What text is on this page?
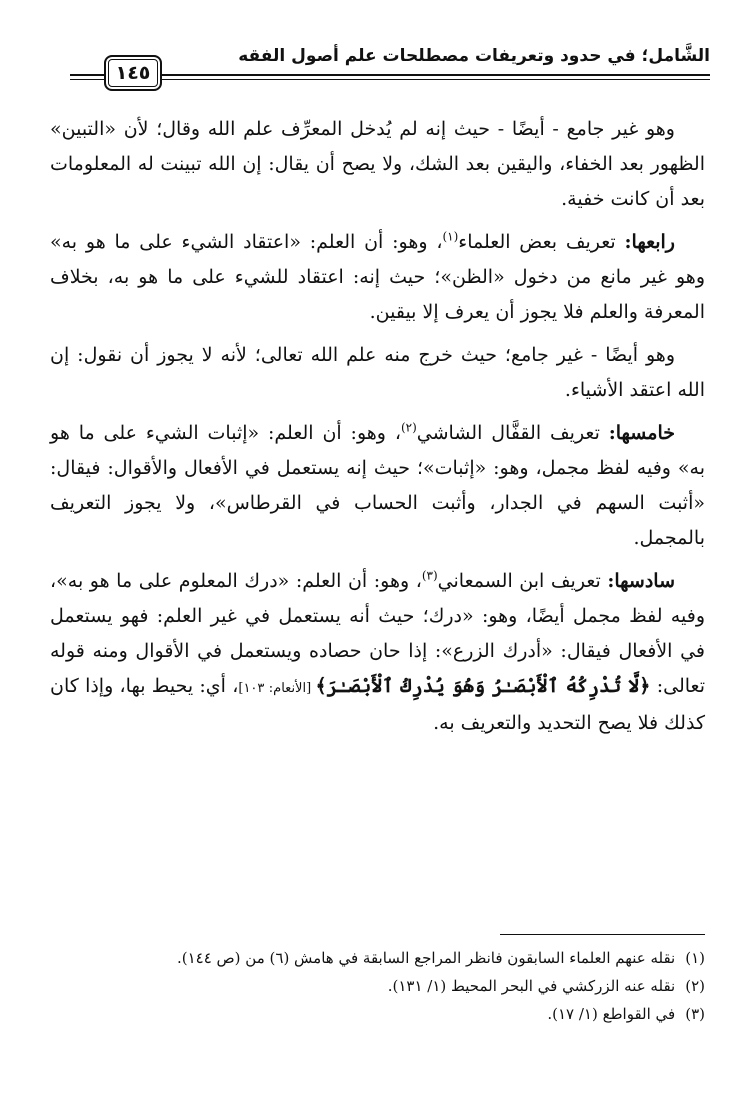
الشَّامل؛ في حدود وتعريفات مصطلحات علم أصول الفقه
١٤٥

وهو غير جامع - أيضًا - حيث إنه لم يُدخل المعرِّف علم الله وقال؛ لأن «التبين» الظهور بعد الخفاء، واليقين بعد الشك، ولا يصح أن يقال: إن الله تبينت له المعلومات بعد أن كانت خفية.

رابعها: تعريف بعض العلماء$^{(١)}$، وهو: أن العلم: «اعتقاد الشيء على ما هو به» وهو غير مانع من دخول «الظن»؛ حيث إنه: اعتقاد للشيء على ما هو به، بخلاف المعرفة والعلم فلا يجوز أن يعرف إلا بيقين.

وهو أيضًا - غير جامع؛ حيث خرج منه علم الله تعالى؛ لأنه لا يجوز أن نقول: إن الله اعتقد الأشياء.

خامسها: تعريف القفَّال الشاشي$^{(٢)}$، وهو: أن العلم: «إثبات الشيء على ما هو به» وفيه لفظ مجمل، وهو: «إثبات»؛ حيث إنه يستعمل في الأفعال والأقوال: فيقال: «أثبت السهم في الجدار، وأثبت الحساب في القرطاس»، ولا يجوز التعريف بالمجمل.

سادسها: تعريف ابن السمعاني$^{(٣)}$، وهو: أن العلم: «درك المعلوم على ما هو به»، وفيه لفظ مجمل أيضًا، وهو: «درك؛ حيث أنه يستعمل في غير العلم: فهو يستعمل في الأفعال فيقال: «أدرك الزرع»: إذا حان حصاده ويستعمل في الأقوال ومنه قوله تعالى: ﴿لَّا تُدْرِكُهُ ٱلْأَبْصَـٰرُ وَهُوَ يُدْرِكُ ٱلْأَبْصَـٰرَ﴾ [الأنعام: ١٠٣]، أي: يحيط بها، وإذا كان كذلك فلا يصح التحديد والتعريف به.

(١)نقله عنهم العلماء السابقون فانظر المراجع السابقة في هامش (٦) من (ص ١٤٤).

(٢)نقله عنه الزركشي في البحر المحيط (١/ ١٣١).

(٣)في القواطع (١/ ١٧).
